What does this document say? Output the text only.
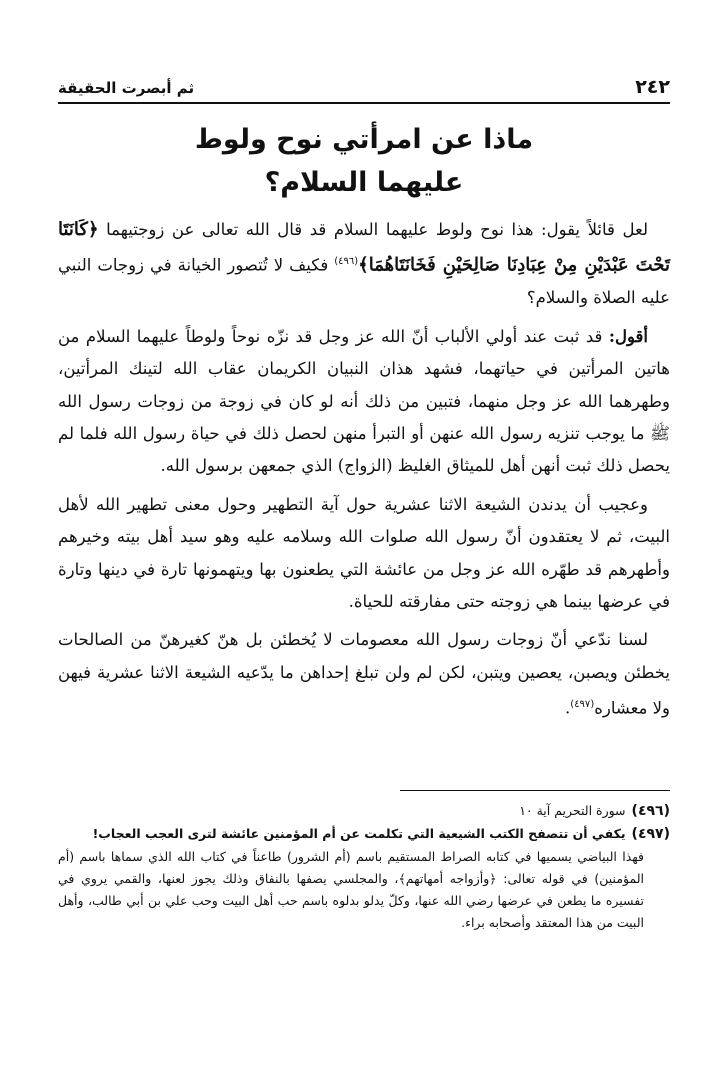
٢٤٢
ثم أبصرت الحقيقة
ماذا عن امرأتي نوح ولوط
عليهما السلام؟

لعل قائلاً يقول: هذا نوح ولوط عليهما السلام قد قال الله تعالى عن زوجتيهما ﴿كَانَتَا تَحْتَ عَبْدَيْنِ مِنْ عِبَادِنَا صَالِحَيْنِ فَخَانَتَاهُمَا﴾$^{(٤٩٦)}$ فكيف لا تُتصور الخيانة في زوجات النبي عليه الصلاة والسلام؟

أقول: قد ثبت عند أولي الألباب أنّ الله عز وجل قد نزّه نوحاً ولوطاً عليهما السلام من هاتين المرأتين في حياتهما، فشهد هذان النبيان الكريمان عقاب الله لتينك المرأتين، وطهرهما الله عز وجل منهما، فتبين من ذلك أنه لو كان في زوجة من زوجات رسول الله ﷺ ما يوجب تنزيه رسول الله عنهن أو التبرأ منهن لحصل ذلك في حياة رسول الله فلما لم يحصل ذلك ثبت أنهن أهل للميثاق الغليظ (الزواج) الذي جمعهن برسول الله.

وعجيب أن يدندن الشيعة الاثنا عشرية حول آية التطهير وحول معنى تطهير الله لأهل البيت، ثم لا يعتقدون أنّ رسول الله صلوات الله وسلامه عليه وهو سيد أهل بيته وخيرهم وأطهرهم قد طهّره الله عز وجل من عائشة التي يطعنون بها ويتهمونها تارة في دينها وتارة في عرضها بينما هي زوجته حتى مفارقته للحياة.

لسنا ندّعي أنّ زوجات رسول الله معصومات لا يُخطئن بل هنّ كغيرهنّ من الصالحات يخطئن ويصبن، يعصين ويتبن، لكن لم ولن تبلغ إحداهن ما يدّعيه الشيعة الاثنا عشرية فيهن ولا معشاره$^{(٤٩٧)}$.

(٤٩٦)سورة التحريم آية ١٠

(٤٩٧)يكفي أن تتصفح الكتب الشيعية التي تكلمت عن أم المؤمنين عائشة لترى العجب العجاب!

فهذا البياضي يسميها في كتابه الصراط المستقيم باسم (أم الشرور) طاعناً في كتاب الله الذي سماها باسم (أم المؤمنين) في قوله تعالى: ﴿وأزواجه أمهاتهم﴾، والمجلسي يصفها بالنفاق وذلك يجوز لعنها، والقمي يروي في تفسيره ما يطعن في عرضها رضي الله عنها، وكلّ يدلو بدلوه باسم حب أهل البيت وحب علي بن أبي طالب، وأهل البيت من هذا المعتقد وأصحابه براء.
